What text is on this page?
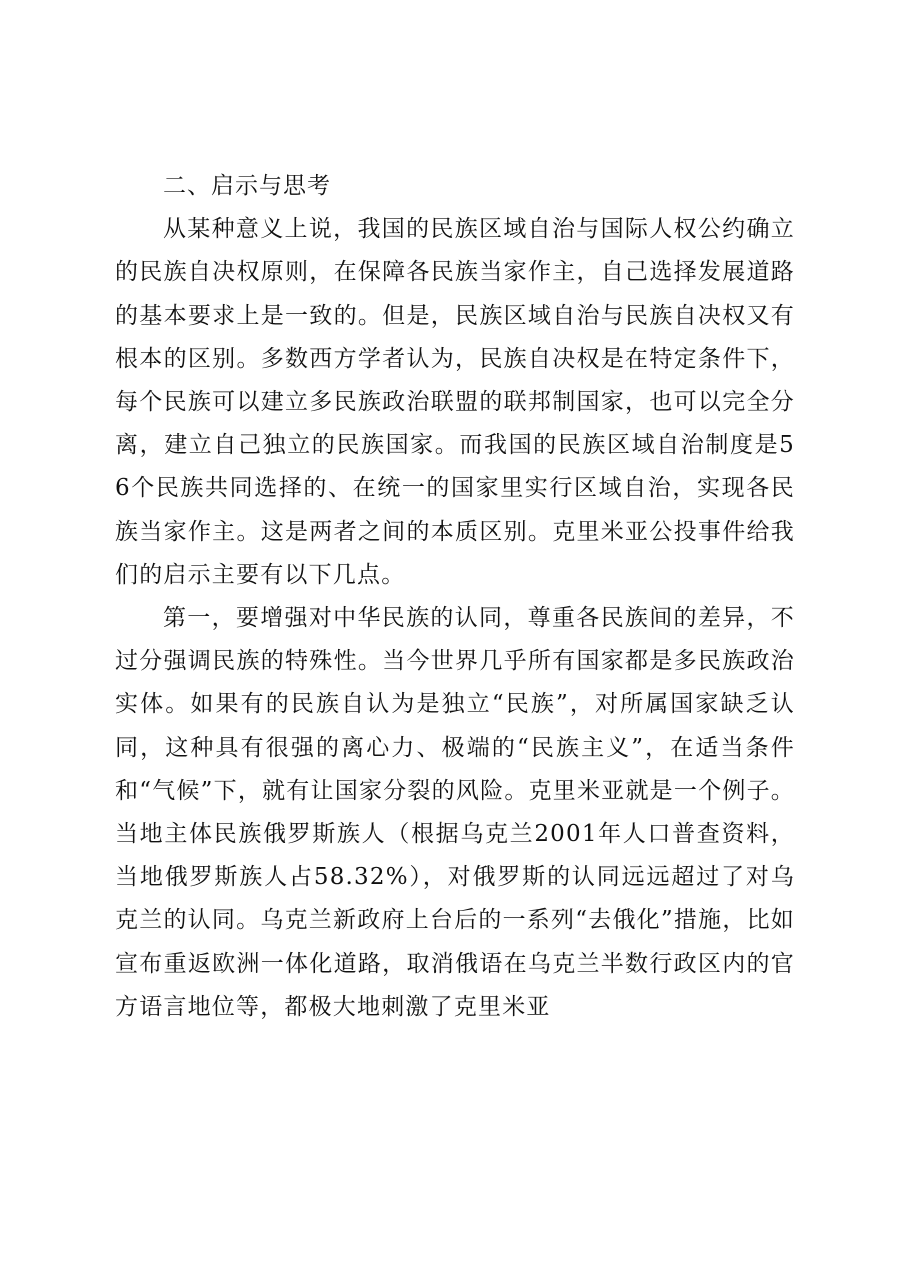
二、启示与思考

从某种意义上说，我国的民族区域自治与国际人权公约确立的民族自决权原则，在保障各民族当家作主，自己选择发展道路的基本要求上是一致的。但是，民族区域自治与民族自决权又有根本的区别。多数西方学者认为，民族自决权是在特定条件下，每个民族可以建立多民族政治联盟的联邦制国家，也可以完全分离，建立自己独立的民族国家。而我国的民族区域自治制度是56个民族共同选择的、在统一的国家里实行区域自治，实现各民族当家作主。这是两者之间的本质区别。克里米亚公投事件给我们的启示主要有以下几点。

第一，要增强对中华民族的认同，尊重各民族间的差异，不过分强调民族的特殊性。当今世界几乎所有国家都是多民族政治实体。如果有的民族自认为是独立“民族”，对所属国家缺乏认同，这种具有很强的离心力、极端的“民族主义”，在适当条件和“气候”下，就有让国家分裂的风险。克里米亚就是一个例子。当地主体民族俄罗斯族人（根据乌克兰2001年人口普查资料，当地俄罗斯族人占58.32%），对俄罗斯的认同远远超过了对乌克兰的认同。乌克兰新政府上台后的一系列“去俄化”措施，比如宣布重返欧洲一体化道路，取消俄语在乌克兰半数行政区内的官方语言地位等，都极大地刺激了克里米亚
